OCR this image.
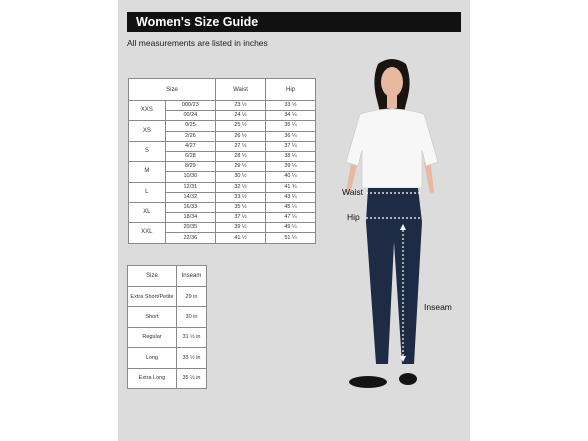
Women's Size Guide
All measurements are listed in inches
Size		Waist	Hip
XXS	000/23	23 ½	33 ½
	00/24	24 ½	34 ¼
XS	0/25	25 ½	35 ¼
	2/26	26 ½	36 ¼
S	4/27	27 ½	37 ¼
	6/28	28 ½	38 ¼
M	8/29	29 ½	39 ¼
	10/30	30 ½	40 ¼
L	12/31	32 ½	41 ¾
	14/32	33 ½	43 ¼
XL	16/33	35 ½	45 ¼
	18/34	37 ½	47 ¼
XXL	20/35	39 ½	49 ¼
	22/36	41 ½	51 ¼
Size	Inseam
Extra Short/Petite	29 in
Short	30 in
Regular	31 ½ in
Long	33 ½ in
Extra Long	35 ½ in
Waist
Hip
Inseam
